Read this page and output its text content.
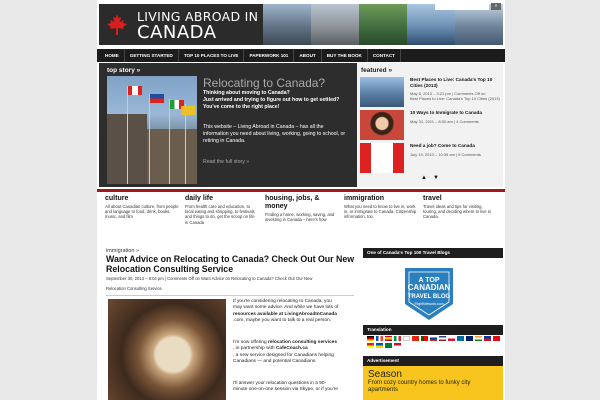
LIVING ABROAD IN
CANADA
HOME	GETTING STARTED	TOP 10 PLACES TO LIVE	PAPERWORK 101	ABOUT	BUY THE BOOK	CONTACT
»
top story »
Relocating to Canada?
Thinking about moving to Canada?
Just arrived and trying to figure out how to get settled?
You've come to the right place!
This website – Living Abroad in Canada – has all the
information you need about living, working, going to school, or
retiring in Canada.
Read the full story »
featured »
Best Places to Live: Canada's Top 10 Cities (2013)
May 8, 2013 – 3:21 pm | Comments Off on
Best Places to Live: Canada's Top 10 Cities (2013)
10 Ways to Immigrate to Canada
May 31, 2011 – 8:00 am | 4 Comments
Need a job? Come to Canada
July 19, 2010 – 10:35 am | 9 Comments
▲▼
culture
All about Canadian culture, from people and language to food, drink, books, music, and film
daily life
From health care and education, to local eating and shopping, to festivals and things to do, get the scoop on life in Canada
housing, jobs, & money
Finding a home, working, saving, and investing in Canada – here's how
immigration
What you need to know to live in, work in, or immigrate to Canada. Citizenship information, too.
travel
Travel ideas and tips for visiting, touring, and deciding where to live in Canada.
immigration »
Want Advice on Relocating to Canada? Check Out Our New Relocation Consulting Service
September 30, 2013 – 8:04 pm | Comments Off on Want Advice on Relocating to Canada? Check Out Our New
Relocation Consulting Service
If you're considering relocating to Canada, you
may want some advice. And while we have lots of
resources available at LivingAbroadInCanada
.com, maybe you want to talk to a real person.
I'm now offering relocation consulting services
, in partnership with CafeCoach.ca
, a new service designed for Canadians helping
Canadians — and potential Canadians.
I'll answer your relocation questions in a 90-
minute one-on-one session via Skype, or if you're
One of Canada's Top 100 Travel Blogs
A TOP
CANADIAN
TRAVEL BLOG
FlightNetwork.com
Translation
Advertisement
Season
From cozy country homes to funky city
apartments
